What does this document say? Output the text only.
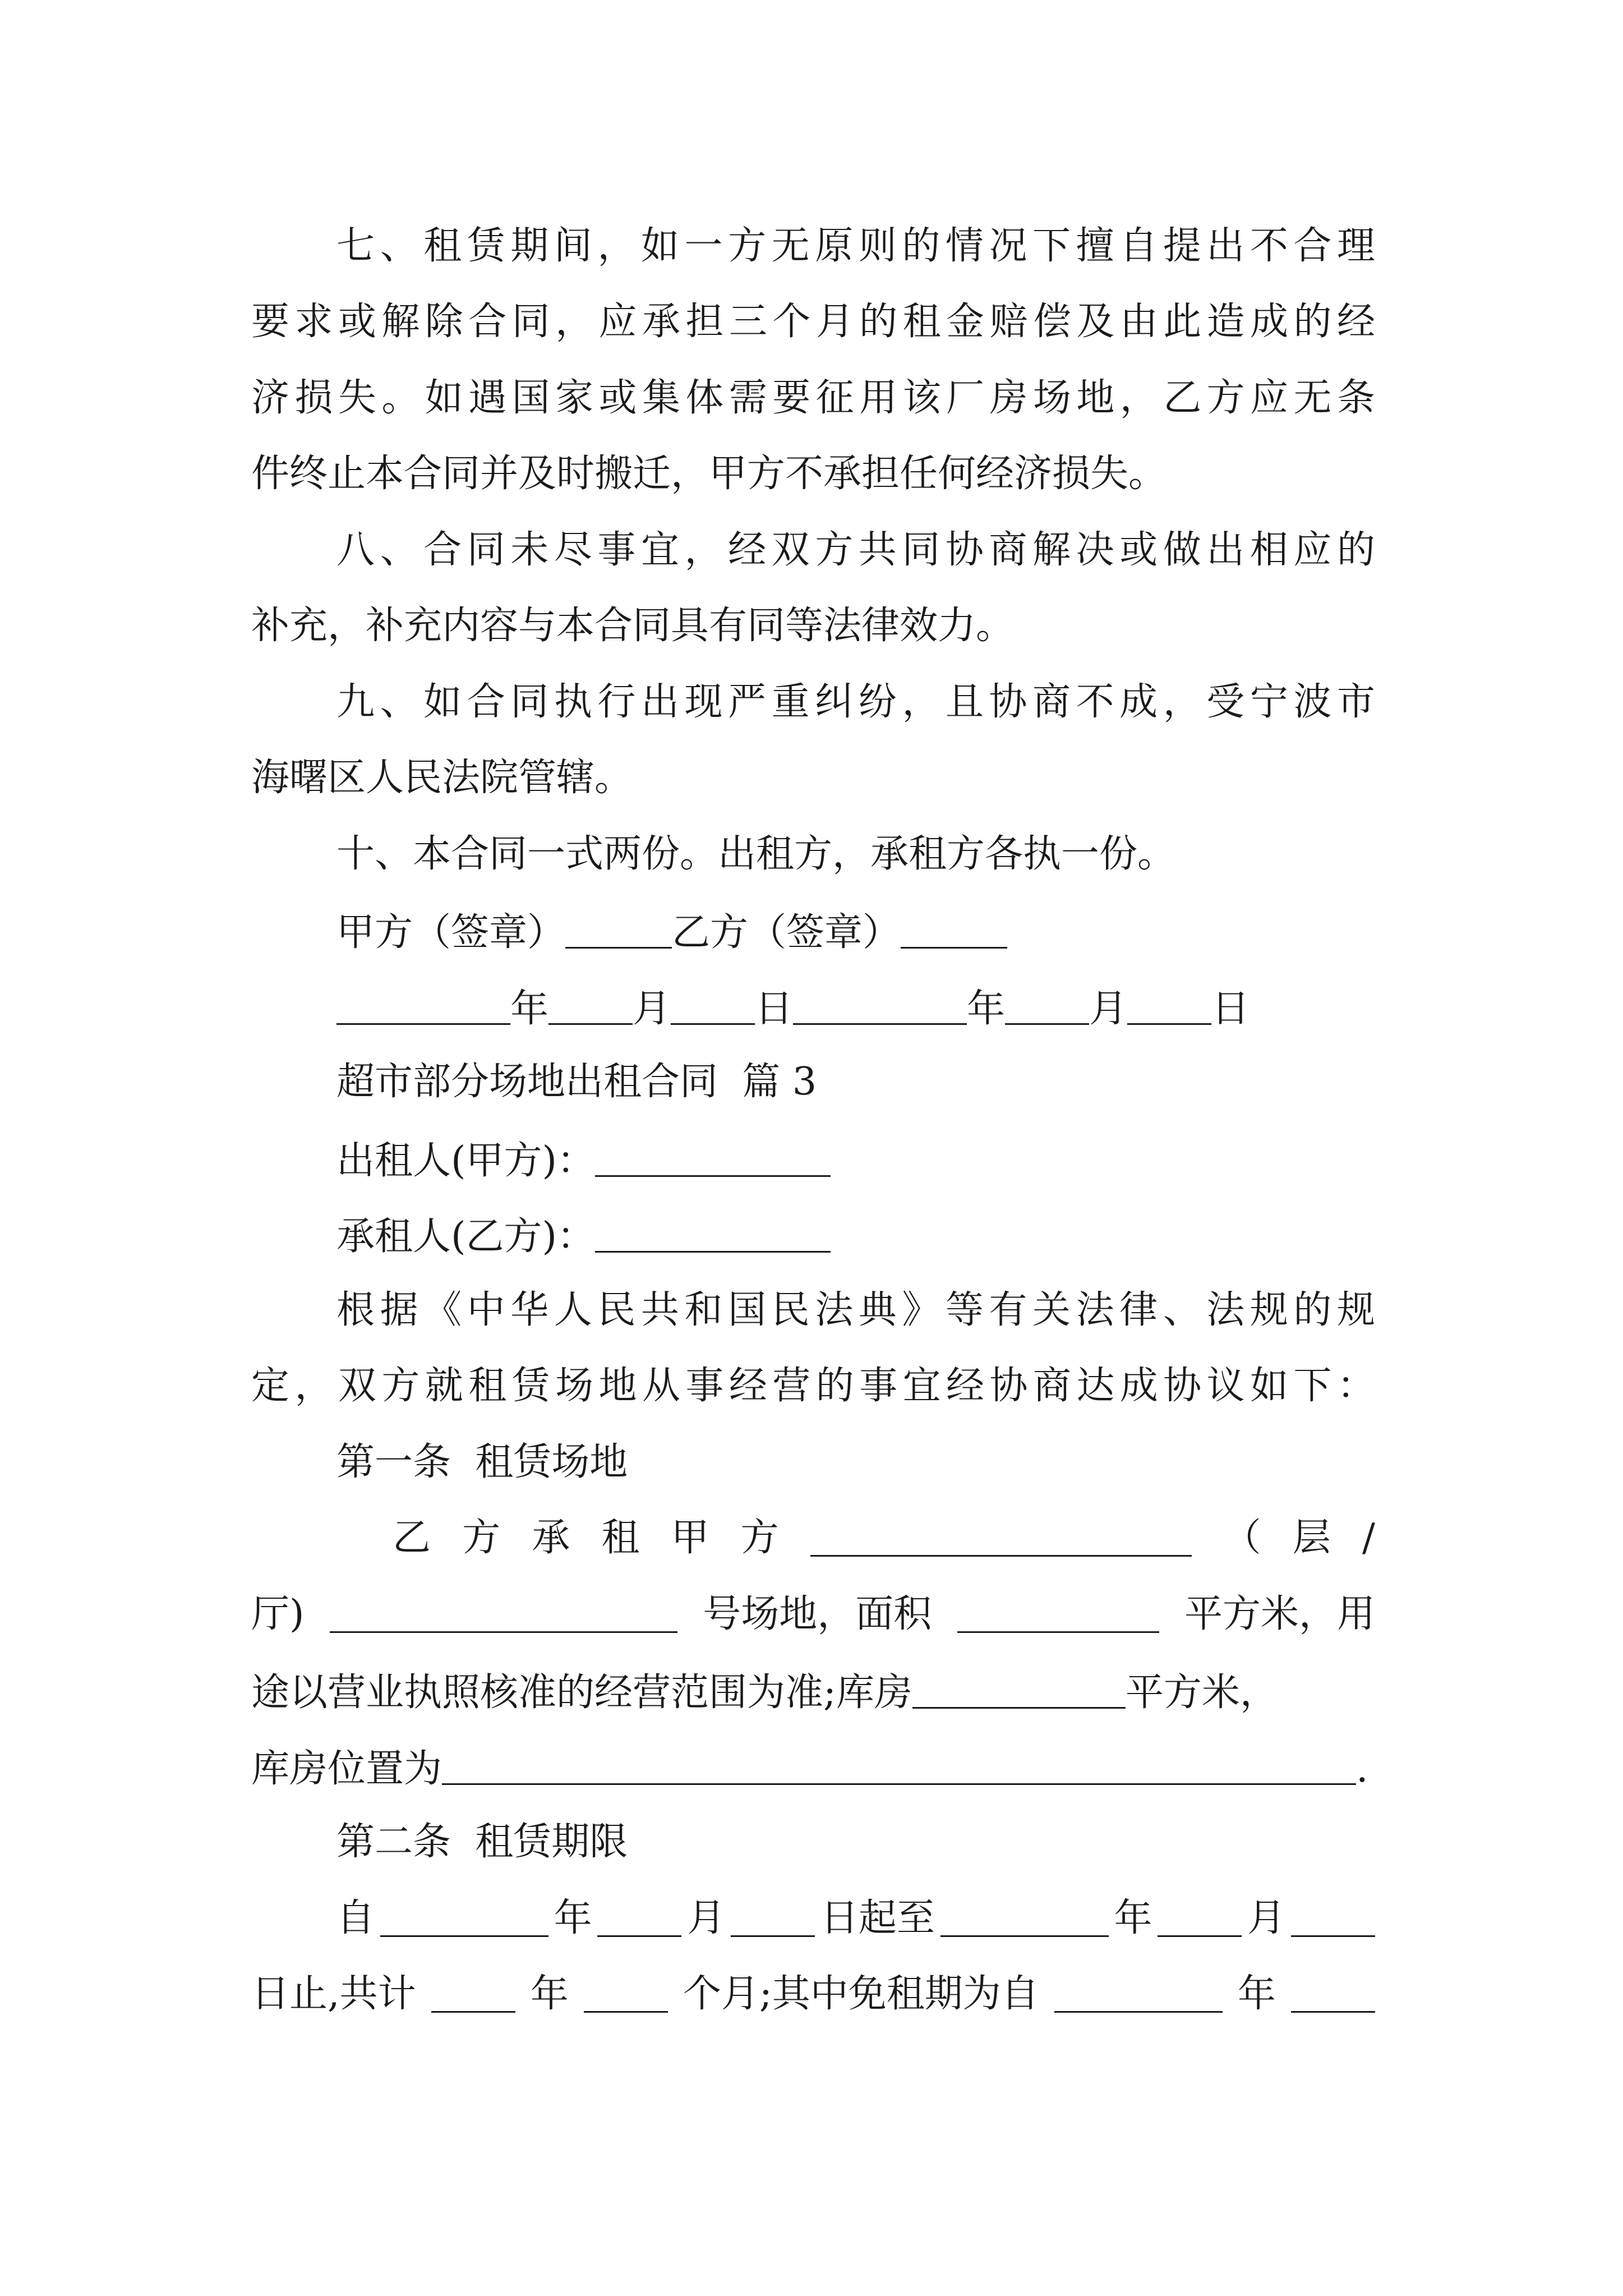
七 、 租 赁 期 间 ， 如 一 方 无 原 则 的 情 况 下 擅 自 提 出 不 合 理
要 求 或 解 除 合 同 ， 应 承 担 三 个 月 的 租 金 赔 偿 及 由 此 造 成 的 经
济 损 失 。 如 遇 国 家 或 集 体 需 要 征 用 该 厂 房 场 地 ， 乙 方 应 无 条
件终止本合同并及时搬迁，甲方不承担任何经济损失。
八 、 合 同 未 尽 事 宜 ， 经 双 方 共 同 协 商 解 决 或 做 出 相 应 的
补充，补充内容与本合同具有同等法律效力。
九 、 如 合 同 执 行 出 现 严 重 纠 纷 ， 且 协 商 不 成 ， 受 宁 波 市
海曙区人民法院管辖。
十、本合同一式两份。出租方，承租方各执一份。
甲方（签章）	乙方（签章）
年 月 日	年 月 日
超市部分场地出租合同  篇 3
出租人(甲方)：
承租人(乙方)：
根 据 《 中 华 人 民 共 和 国 民 法 典 》 等 有 关 法 律 、 法 规 的 规
定 ， 双 方 就 租 赁 场 地 从 事 经 营 的 事 宜 经 协 商 达 成 协 议 如 下 ：
第一条  租赁场地
乙 方 承 租 甲 方	（ 层 /
厅)	号场地，面积	平方米，用
途以营业执照核准的经营范围为准;库房	平方米，
库房位置为	.
第二条  租赁期限
自	年 月 日起至	年 月
日止,共计	年	个月;其中免租期为自	年
